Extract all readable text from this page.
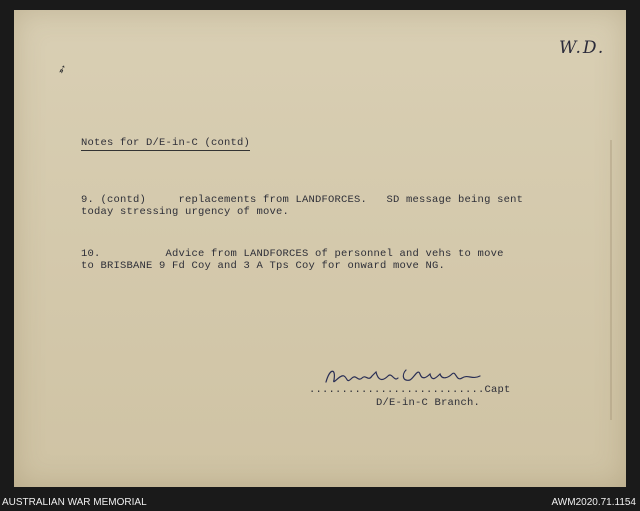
W.D.
➶
Notes for D/E-in-C (contd)
9. (contd)     replacements from LANDFORCES.   SD message being sent
today stressing urgency of move.
10.          Advice from LANDFORCES of personnel and vehs to move
to BRISBANE 9 Fd Coy and 3 A Tps Coy for onward move NG.
...........................Capt
D/E-in-C Branch.
AUSTRALIAN WAR MEMORIAL	AWM2020.71.1154
